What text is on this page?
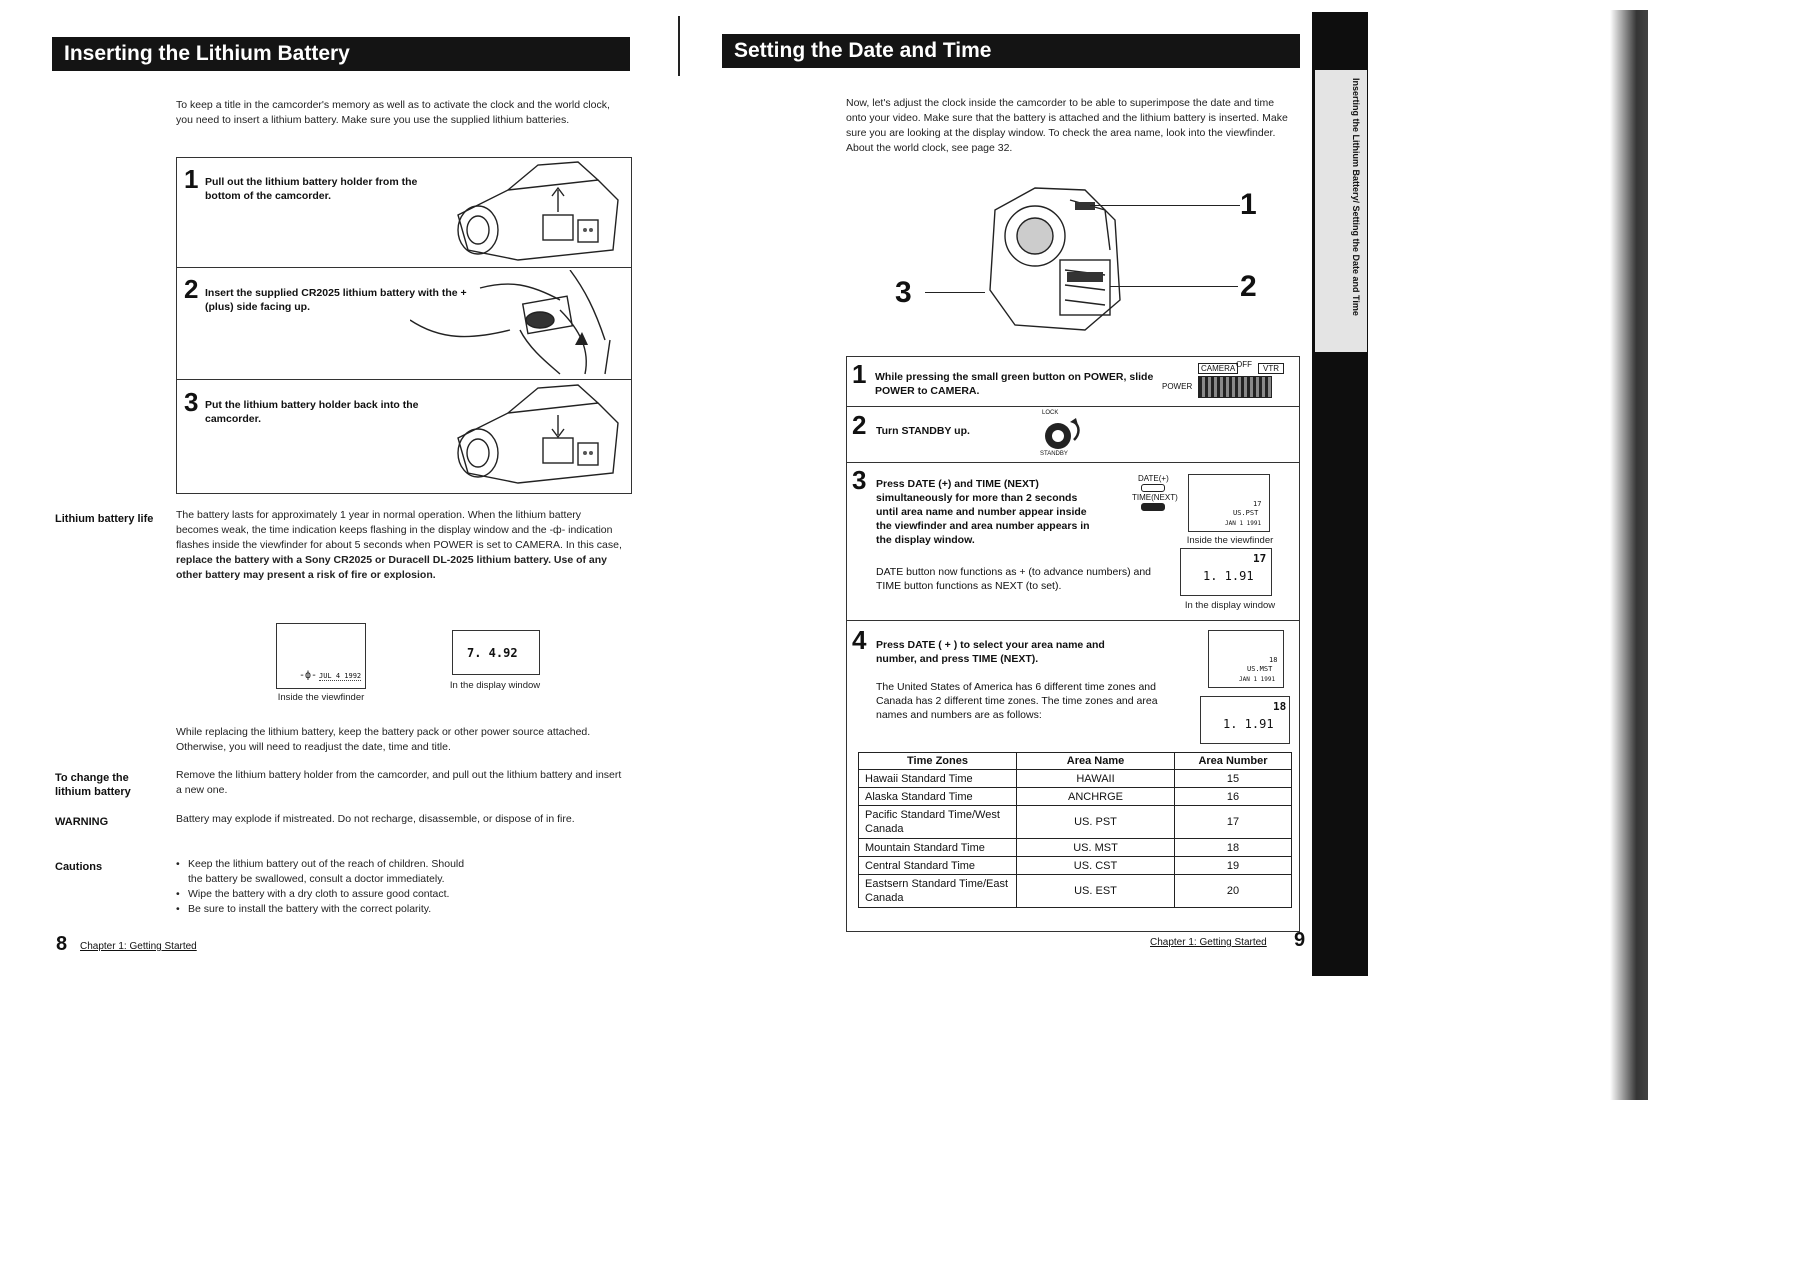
Inserting the Lithium Battery
To keep a title in the camcorder's memory as well as to activate the clock and the world clock, you need to insert a lithium battery. Make sure you use the supplied lithium batteries.
1 Pull out the lithium battery holder from the bottom of the camcorder.
2 Insert the supplied CR2025 lithium battery with the + (plus) side facing up.
3 Put the lithium battery holder back into the camcorder.
Lithium battery life	The battery lasts for approximately 1 year in normal operation. When the lithium battery becomes weak, the time indication keeps flashing in the display window and the -ф- indication flashes inside the viewfinder for about 5 seconds when POWER is set to CAMERA. In this case, replace the battery with a Sony CR2025 or Duracell DL-2025 lithium battery. Use of any other battery may present a risk of fire or explosion.
-ф- JUL 4 1992
Inside the viewfinder
7. 4.92
In the display window
While replacing the lithium battery, keep the battery pack or other power source attached. Otherwise, you will need to readjust the date, time and title.
To change the lithium battery
Remove the lithium battery holder from the camcorder, and pull out the lithium battery and insert a new one.
WARNING	Battery may explode if mistreated. Do not recharge, disassemble, or dispose of in fire.
Cautions	• Keep the lithium battery out of the reach of children. Should the battery be swallowed, consult a doctor immediately.
• Wipe the battery with a dry cloth to assure good contact.
• Be sure to install the battery with the correct polarity.
8 Chapter 1: Getting Started
Setting the Date and Time
Now, let's adjust the clock inside the camcorder to be able to superimpose the date and time onto your video. Make sure that the battery is attached and the lithium battery is inserted. Make sure you are looking at the display window. To check the area name, look into the viewfinder. About the world clock, see page 32.
1
2
3
1 While pressing the small green button on POWER, slide POWER to CAMERA.
CAMERA OFF	VTR
POWER
2 Turn STANDBY up.
LOCK
STANDBY
3 Press DATE (+) and TIME (NEXT) simultaneously for more than 2 seconds until area name and number appear inside the viewfinder and area number appears in the display window.
DATE(+)
TIME(NEXT)
17
US.PST
JAN 1 1991
Inside the viewfinder
DATE button now functions as + (to advance numbers) and TIME button functions as NEXT (to set).
17
1. 1.91
In the display window
4 Press DATE ( + ) to select your area name and number, and press TIME (NEXT).
The United States of America has 6 different time zones and Canada has 2 different time zones. The time zones and area names and numbers are as follows:
18
US.MST
JAN 1 1991
18
1. 1.91
Time Zones	Area Name	Area Number
Hawaii Standard Time	HAWAII	15
Alaska Standard Time	ANCHRGE	16
Pacific Standard Time/West Canada	US. PST	17
Mountain Standard Time	US. MST	18
Central Standard Time	US. CST	19
Eastsern Standard Time/East Canada	US. EST	20
Chapter 1: Getting Started 9
Inserting the Lithium Battery/ Setting the Date and Time
